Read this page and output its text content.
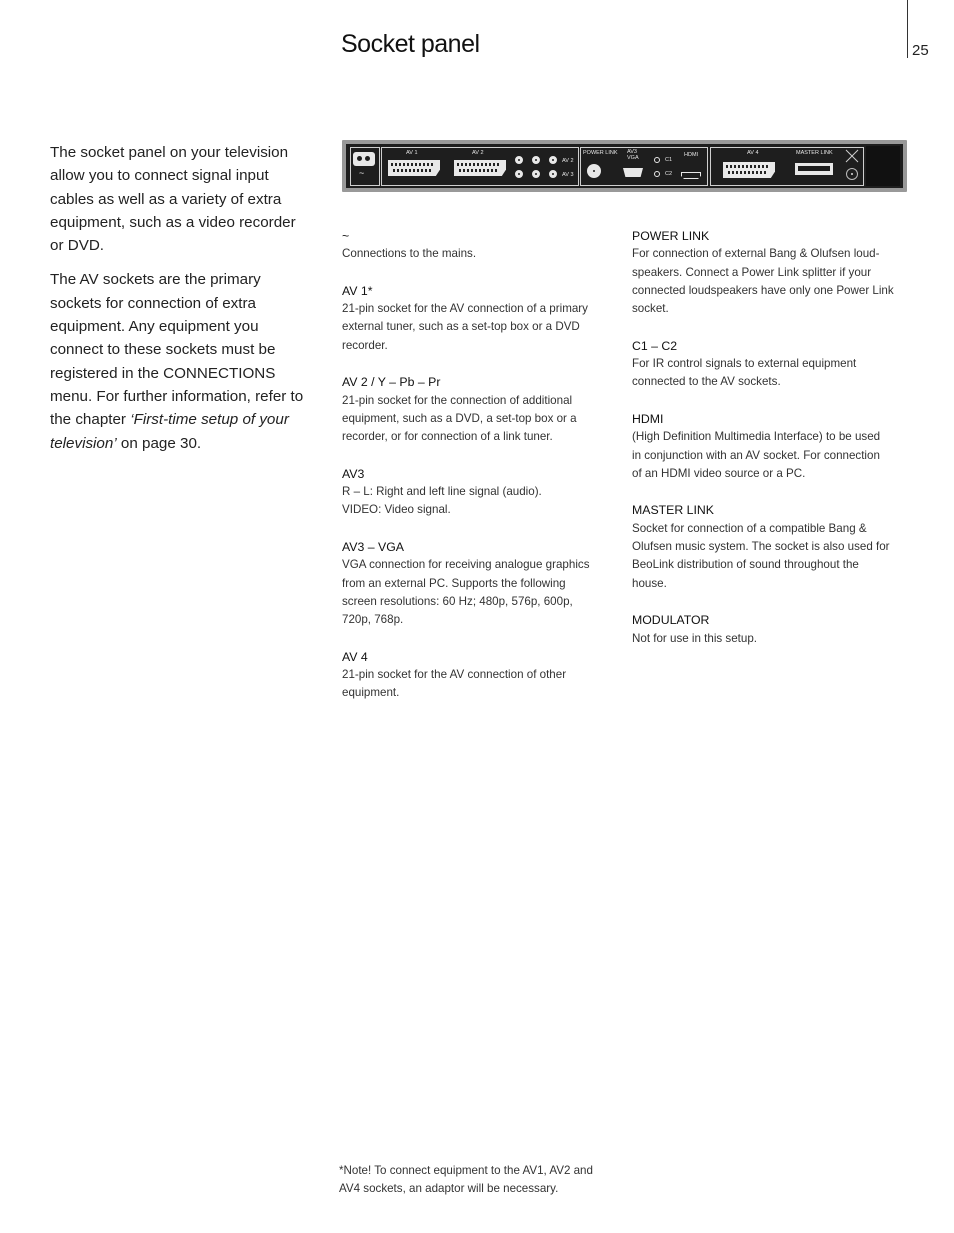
Socket panel	25

The socket panel on your television allow you to connect signal input cables as well as a variety of extra equipment, such as a video recorder or DVD.

The AV sockets are the primary sockets for connection of extra equipment. Any equipment you connect to these sockets must be registered in the CONNECTIONS menu. For further information, refer to the chapter ‘First-time setup of your television’ on page 30.

~
AV 1	AV 2
AV 2
AV 3
POWER LINK AV3
VGA	C1
C2
HDMI	AV 4	MASTER LINK
~
Connections to the mains.
AV 1*
21-pin socket for the AV connection of a primary
external tuner, such as a set-top box or a DVD
recorder.
AV 2 / Y – Pb – Pr
21-pin socket for the connection of additional
equipment, such as a DVD, a set-top box or a
recorder, or for connection of a link tuner.
AV3
R – L: Right and left line signal (audio).
VIDEO: Video signal.
AV3 – VGA
VGA connection for receiving analogue graphics
from an external PC. Supports the following
screen resolutions: 60 Hz; 480p, 576p, 600p,
720p, 768p.
AV 4
21-pin socket for the AV connection of other
equipment.
POWER LINK
For connection of external Bang & Olufsen loud-
speakers. Connect a Power Link splitter if your
connected loudspeakers have only one Power Link
socket.
C1 – C2
For IR control signals to external equipment
connected to the AV sockets.
HDMI
(High Definition Multimedia Interface) to be used
in conjunction with an AV socket. For connection
of an HDMI video source or a PC.
MASTER LINK
Socket for connection of a compatible Bang &
Olufsen music system. The socket is also used for
BeoLink distribution of sound throughout the
house.
MODULATOR
Not for use in this setup.
*Note! To connect equipment to the AV1, AV2 and
AV4 sockets, an adaptor will be necessary.
